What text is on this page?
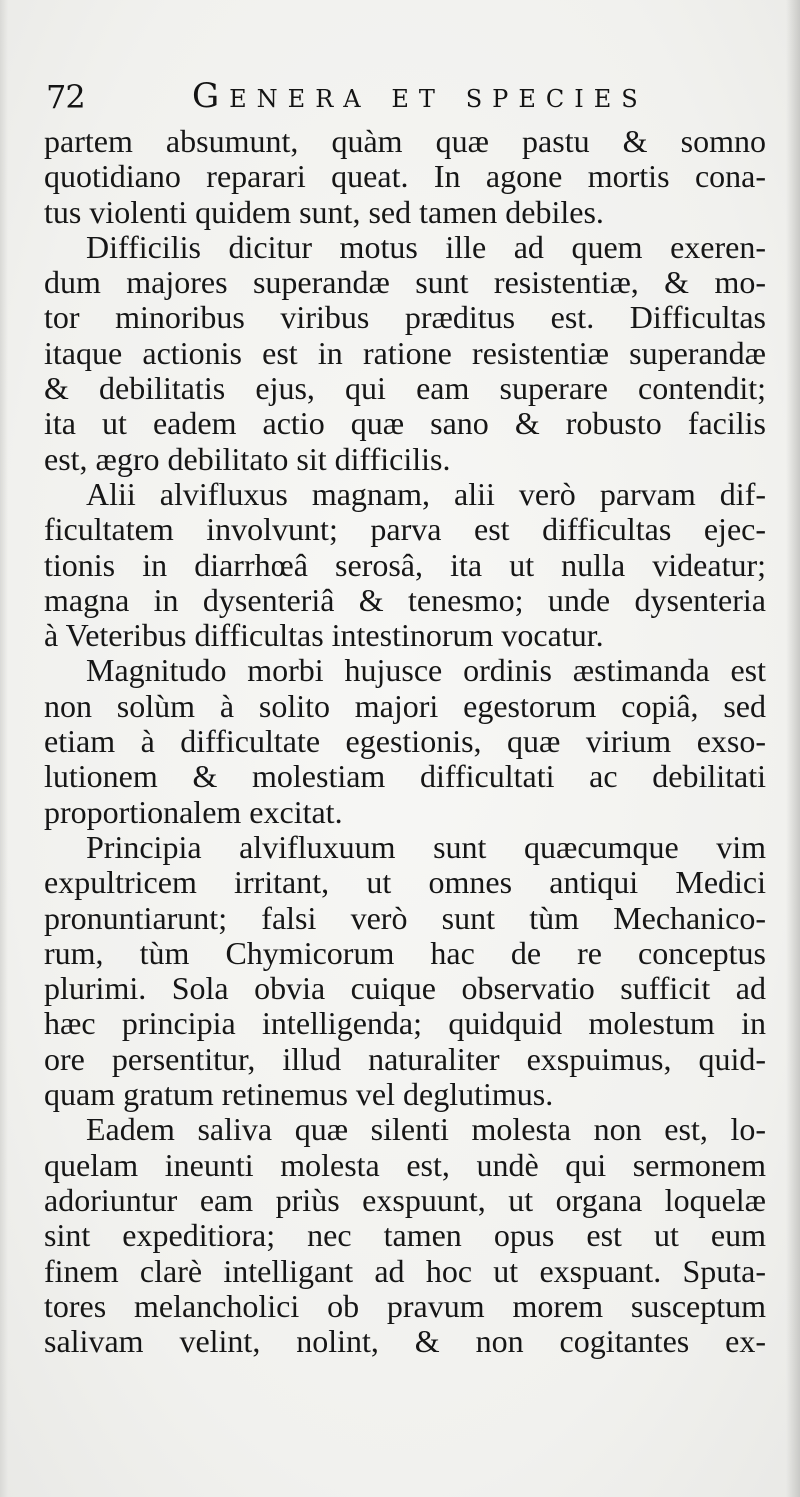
72	Genera et species
partem absumunt, quàm quæ pastu & somno
quotidiano reparari queat. In agone mortis cona-
tus violenti quidem sunt, sed tamen debiles.
Difficilis dicitur motus ille ad quem exeren-
dum majores superandæ sunt resistentiæ, & mo-
tor minoribus viribus præditus est. Difficultas
itaque actionis est in ratione resistentiæ superandæ
& debilitatis ejus, qui eam superare contendit;
ita ut eadem actio quæ sano & robusto facilis
est, ægro debilitato sit difficilis.
Alii alvifluxus magnam, alii verò parvam dif-
ficultatem involvunt; parva est difficultas ejec-
tionis in diarrhœâ serosâ, ita ut nulla videatur;
magna in dysenteriâ & tenesmo; unde dysenteria
à Veteribus difficultas intestinorum vocatur.
Magnitudo morbi hujusce ordinis æstimanda est
non solùm à solito majori egestorum copiâ, sed
etiam à difficultate egestionis, quæ virium exso-
lutionem & molestiam difficultati ac debilitati
proportionalem excitat.
Principia alvifluxuum sunt quæcumque vim
expultricem irritant, ut omnes antiqui Medici
pronuntiarunt; falsi verò sunt tùm Mechanico-
rum, tùm Chymicorum hac de re conceptus
plurimi. Sola obvia cuique observatio sufficit ad
hæc principia intelligenda; quidquid molestum in
ore persentitur, illud naturaliter exspuimus, quid-
quam gratum retinemus vel deglutimus.
Eadem saliva quæ silenti molesta non est, lo-
quelam ineunti molesta est, undè qui sermonem
adoriuntur eam priùs exspuunt, ut organa loquelæ
sint expeditiora; nec tamen opus est ut eum
finem clarè intelligant ad hoc ut exspuant. Sputa-
tores melancholici ob pravum morem susceptum
salivam velint, nolint, & non cogitantes ex-
